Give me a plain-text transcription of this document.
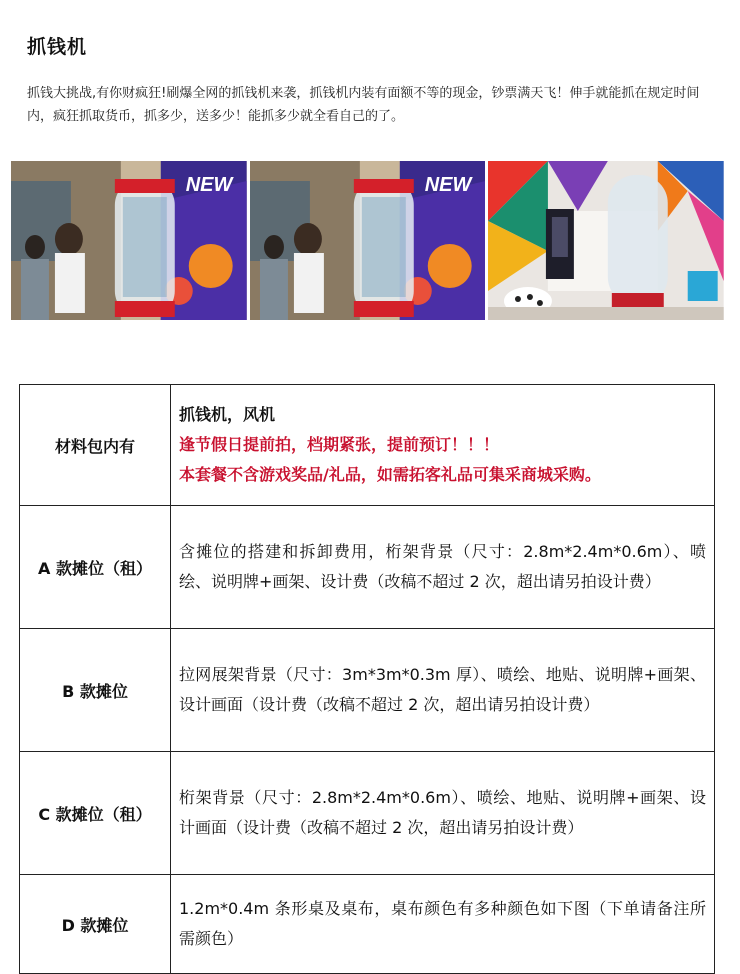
抓钱机
抓钱大挑战,有你财疯狂!刷爆全网的抓钱机来袭，抓钱机内装有面额不等的现金，钞票满天飞！伸手就能抓在规定时间内，疯狂抓取货币，抓多少，送多少！能抓多少就全看自己的了。
NEW	NEW
材料包内有	抓钱机，风机
逢节假日提前拍，档期紧张，提前预订！！！
本套餐不含游戏奖品/礼品，如需拓客礼品可集采商城采购。

A 款摊位（租）	含摊位的搭建和拆卸费用，桁架背景（尺寸：2.8m*2.4m*0.6m）、喷绘、说明牌+画架、设计费（改稿不超过 2 次，超出请另拍设计费）
B 款摊位	拉网展架背景（尺寸：3m*3m*0.3m 厚）、喷绘、地贴、说明牌+画架、设计画面（设计费（改稿不超过 2 次，超出请另拍设计费）
C 款摊位（租）	桁架背景（尺寸：2.8m*2.4m*0.6m）、喷绘、地贴、说明牌+画架、设计画面（设计费（改稿不超过 2 次，超出请另拍设计费）
D 款摊位	1.2m*0.4m 条形桌及桌布，桌布颜色有多种颜色如下图（下单请备注所需颜色）
